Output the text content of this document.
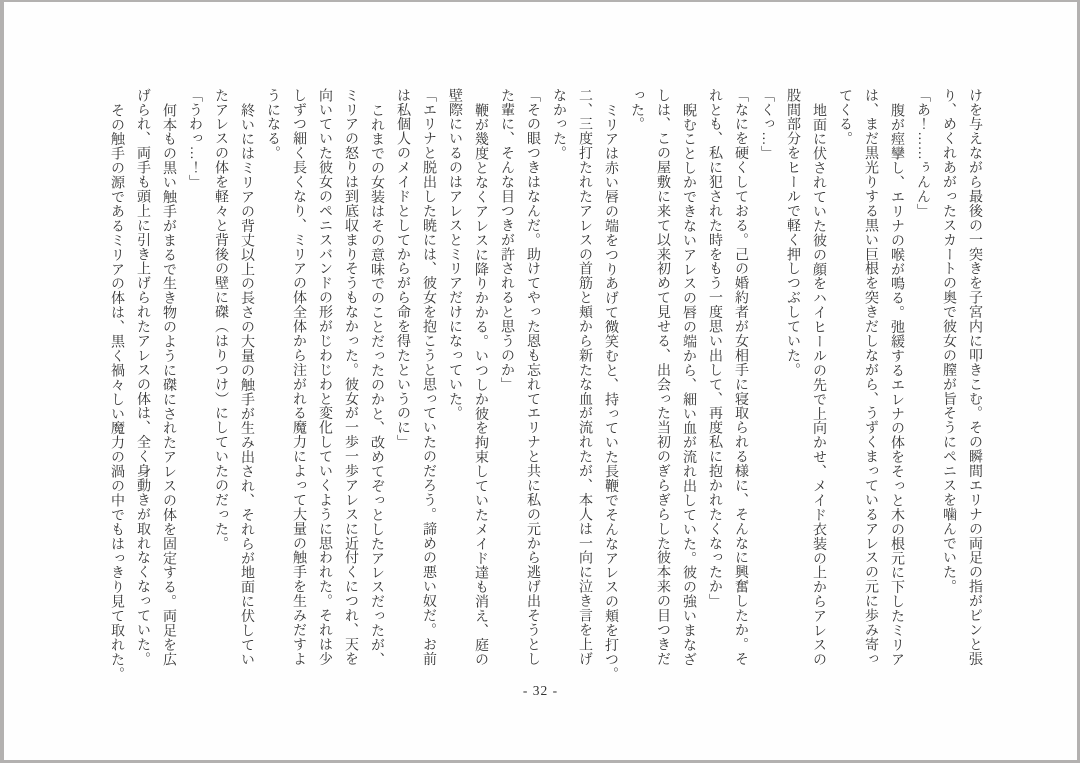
けを与えながら最後の一突きを子宮内に叩きこむ。その瞬間エリナの両足の指がピンと張

り、めくれあがったスカートの奥で彼女の膣が旨そうにペニスを噛んでいた。

「あ！……ぅんん」

腹が痙攣し、エリナの喉が鳴る。弛緩するエレナの体をそっと木の根元に下したミリア

は、まだ黒光りする黒い巨根を突きだしながら、うずくまっているアレスの元に歩み寄っ

てくる。

地面に伏されていた彼の顔をハイヒールの先で上向かせ、メイド衣装の上からアレスの

股間部分をヒールで軽く押しつぶしていた。

「くっ…」

「なにを硬くしておる。己の婚約者が女相手に寝取られる様に、そんなに興奮したか。そ

れとも、私に犯された時をもう一度思い出して、再度私に抱かれたくなったか」

睨むことしかできないアレスの唇の端から、細い血が流れ出していた。彼の強いまなざ

しは、この屋敷に来て以来初めて見せる、出会った当初のぎらぎらした彼本来の目つきだ

った。

ミリアは赤い唇の端をつりあげて微笑むと、持っていた長鞭でそんなアレスの頬を打つ。

二、三度打たれたアレスの首筋と頬から新たな血が流れたが、本人は一向に泣き言を上げ

なかった。

「その眼つきはなんだ。助けてやった恩も忘れてエリナと共に私の元から逃げ出そうとし

た輩に、そんな目つきが許されると思うのか」

鞭が幾度となくアレスに降りかかる。いつしか彼を拘束していたメイド達も消え、庭の

壁際にいるのはアレスとミリアだけになっていた。

「エリナと脱出した暁には、彼女を抱こうと思っていたのだろう。諦めの悪い奴だ。お前

は私個人のメイドとしてからがら命を得たというのに」

これまでの女装はその意味でのことだったのかと、改めてぞっとしたアレスだったが、

ミリアの怒りは到底収まりそうもなかった。彼女が一歩一歩アレスに近付くにつれ、天を

向いていた彼女のペニスバンドの形がじわじわと変化していくように思われた。それは少

しずつ細く長くなり、ミリアの体全体から注がれる魔力によって大量の触手を生みだすよ

うになる。

終いにはミリアの背丈以上の長さの大量の触手が生み出され、それらが地面に伏してい

たアレスの体を軽々と背後の壁に磔（はりつけ）にしていたのだった。

「うわっ…！」

何本もの黒い触手がまるで生き物のように磔にされたアレスの体を固定する。両足を広

げられ、両手も頭上に引き上げられたアレスの体は、全く身動きが取れなくなっていた。

その触手の源であるミリアの体は、黒く禍々しい魔力の渦の中でもはっきり見て取れた。

- 32 -
